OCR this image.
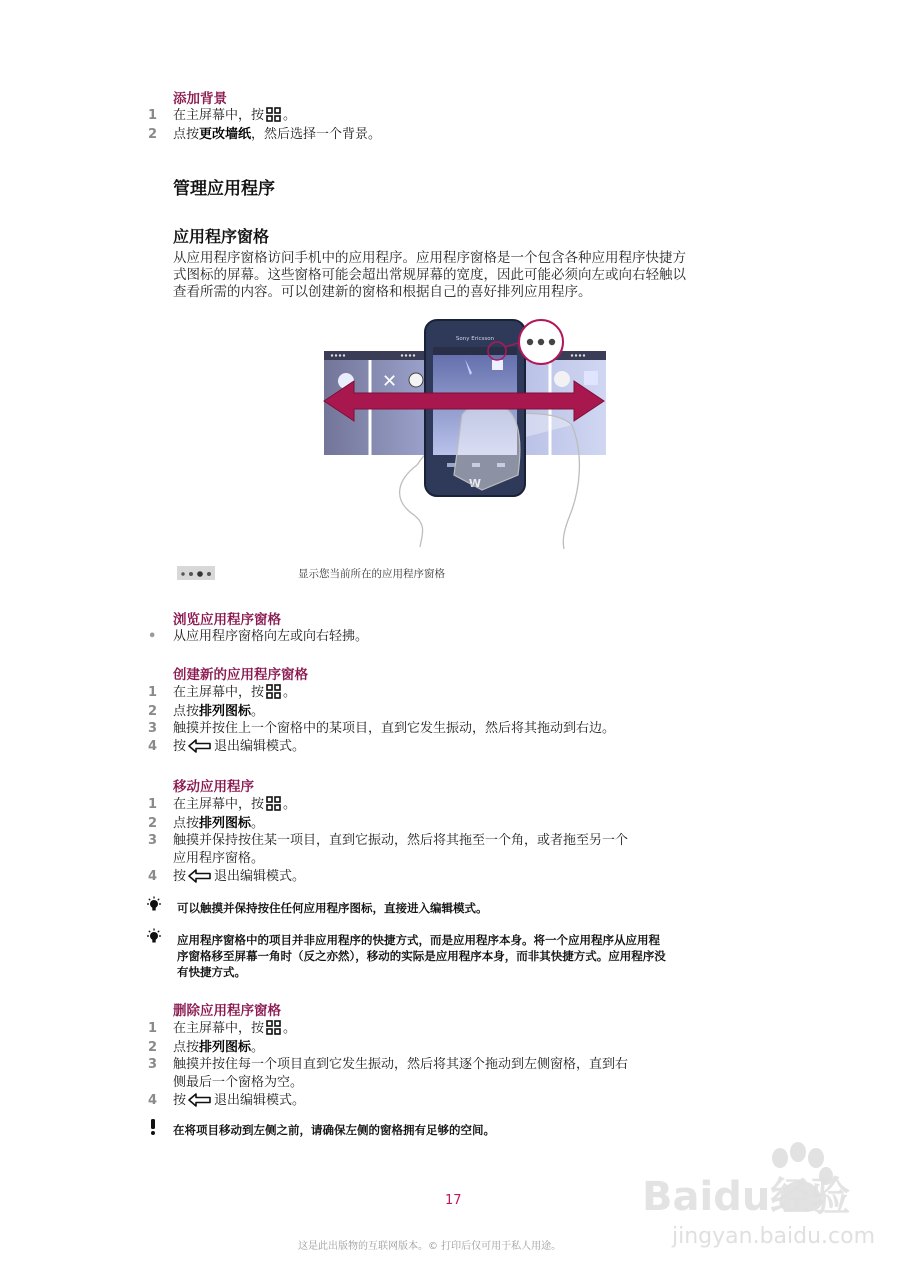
添加背景
1	在主屏幕中，按 。
2	点按更改墙纸，然后选择一个背景。
管理应用程序
应用程序窗格
从应用程序窗格访问手机中的应用程序。应用程序窗格是一个包含各种应用程序快捷方
式图标的屏幕。这些窗格可能会超出常规屏幕的宽度，因此可能必须向左或向右轻触以
查看所需的内容。可以创建新的窗格和根据自己的喜好排列应用程序。
✕
Sony Ericsson
W
显示您当前所在的应用程序窗格
浏览应用程序窗格
•	从应用程序窗格向左或向右轻拂。
创建新的应用程序窗格
1	在主屏幕中，按 。
2	点按排列图标。
3	触摸并按住上一个窗格中的某项目，直到它发生振动，然后将其拖动到右边。
4	按 退出编辑模式。
移动应用程序
1	在主屏幕中，按 。
2	点按排列图标。
3	触摸并保持按住某一项目，直到它振动，然后将其拖至一个角，或者拖至另一个
应用程序窗格。
4	按 退出编辑模式。
可以触摸并保持按住任何应用程序图标，直接进入编辑模式。
应用程序窗格中的项目并非应用程序的快捷方式，而是应用程序本身。将一个应用程序从应用程
序窗格移至屏幕一角时（反之亦然），移动的实际是应用程序本身，而非其快捷方式。应用程序没
有快捷方式。
删除应用程序窗格
1	在主屏幕中，按 。
2	点按排列图标。
3	触摸并按住每一个项目直到它发生振动，然后将其逐个拖动到左侧窗格，直到右
侧最后一个窗格为空。
4	按 退出编辑模式。
在将项目移动到左侧之前，请确保左侧的窗格拥有足够的空间。
17
这是此出版物的互联网版本。© 打印后仅可用于私人用途。
Baidu经验
jingyan.baidu.com
